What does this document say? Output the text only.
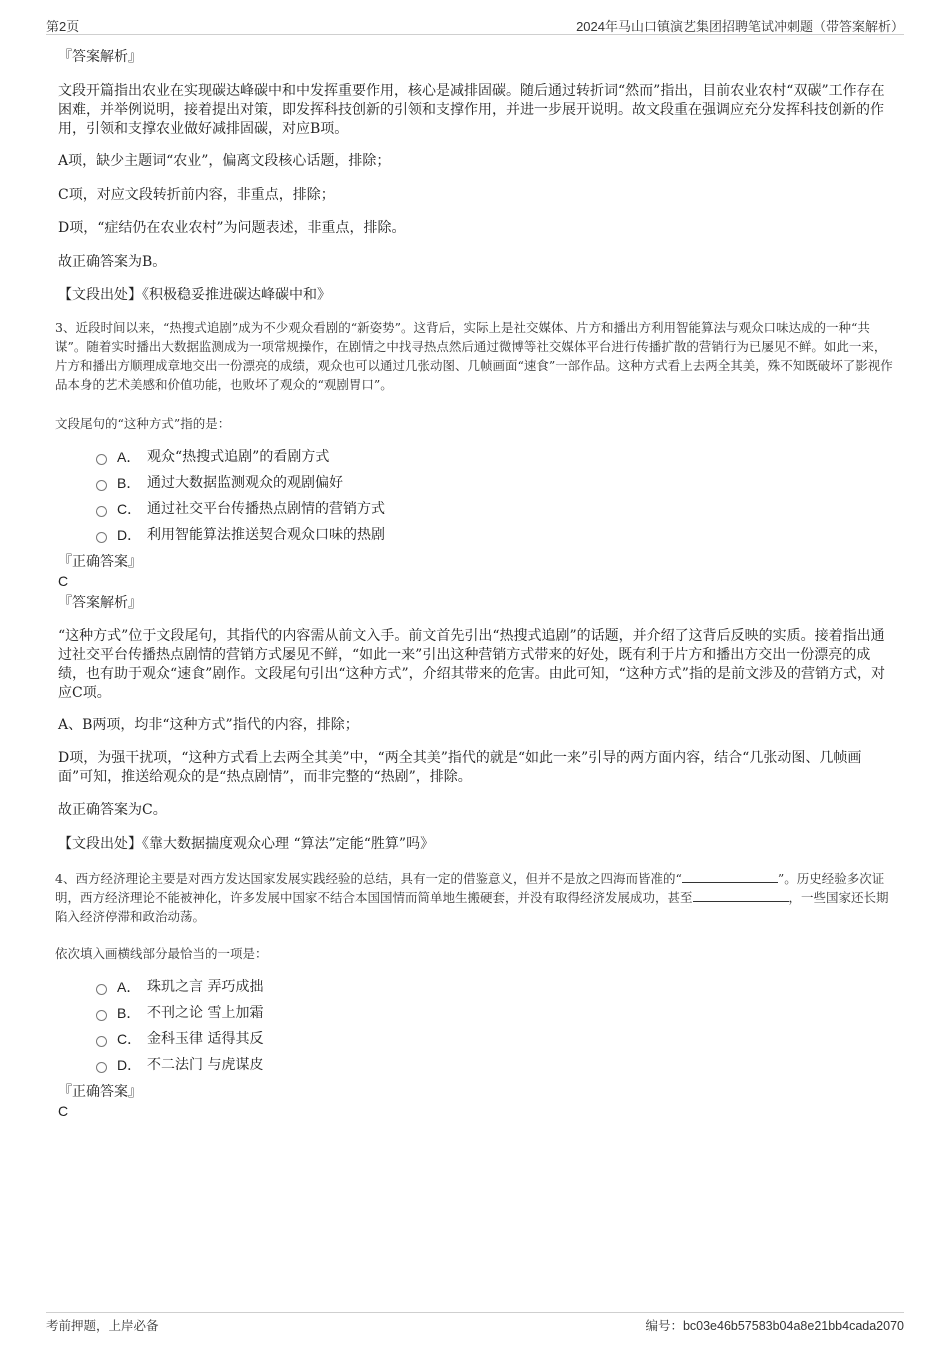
第2页	2024年马山口镇演艺集团招聘笔试冲刺题（带答案解析）
『答案解析』
文段开篇指出农业在实现碳达峰碳中和中发挥重要作用，核心是减排固碳。随后通过转折词“然而”指出，目前农业农村“双碳”工作存在困难，并举例说明，接着提出对策，即发挥科技创新的引领和支撑作用，并进一步展开说明。故文段重在强调应充分发挥科技创新的作用，引领和支撑农业做好减排固碳，对应B项。
A项，缺少主题词“农业”，偏离文段核心话题，排除；
C项，对应文段转折前内容，非重点，排除；
D项，“症结仍在农业农村”为问题表述，非重点，排除。
故正确答案为B。
【文段出处】《积极稳妥推进碳达峰碳中和》
3、近段时间以来，“热搜式追剧”成为不少观众看剧的“新姿势”。这背后，实际上是社交媒体、片方和播出方利用智能算法与观众口味达成的一种“共谋”。随着实时播出大数据监测成为一项常规操作，在剧情之中找寻热点然后通过微博等社交媒体平台进行传播扩散的营销行为已屡见不鲜。如此一来，片方和播出方顺理成章地交出一份漂亮的成绩，观众也可以通过几张动图、几帧画面“速食”一部作品。这种方式看上去两全其美，殊不知既破坏了影视作品本身的艺术美感和价值功能，也败坏了观众的“观剧胃口”。
文段尾句的“这种方式”指的是：
A． 观众“热搜式追剧”的看剧方式
B． 通过大数据监测观众的观剧偏好
C． 通过社交平台传播热点剧情的营销方式
D． 利用智能算法推送契合观众口味的热剧
『正确答案』
C
『答案解析』
“这种方式”位于文段尾句，其指代的内容需从前文入手。前文首先引出“热搜式追剧”的话题，并介绍了这背后反映的实质。接着指出通过社交平台传播热点剧情的营销方式屡见不鲜，“如此一来”引出这种营销方式带来的好处，既有利于片方和播出方交出一份漂亮的成绩，也有助于观众“速食”剧作。文段尾句引出“这种方式”，介绍其带来的危害。由此可知，“这种方式”指的是前文涉及的营销方式，对应C项。
A、B两项，均非“这种方式”指代的内容，排除；
D项，为强干扰项，“这种方式看上去两全其美”中，“两全其美”指代的就是“如此一来”引导的两方面内容，结合“几张动图、几帧画面”可知，推送给观众的是“热点剧情”，而非完整的“热剧”，排除。
故正确答案为C。
【文段出处】《靠大数据揣度观众心理 “算法”定能“胜算”吗》
4、西方经济理论主要是对西方发达国家发展实践经验的总结，具有一定的借鉴意义，但并不是放之四海而皆准的“	”。历史经验多次证明，西方经济理论不能被神化，许多发展中国家不结合本国国情而简单地生搬硬套，并没有取得经济发展成功，甚至	，一些国家还长期陷入经济停滞和政治动荡。
依次填入画横线部分最恰当的一项是：
A． 珠玑之言 弄巧成拙
B． 不刊之论 雪上加霜
C． 金科玉律 适得其反
D． 不二法门 与虎谋皮
『正确答案』
C
考前押题，上岸必备	编号：bc03e46b57583b04a8e21bb4cada2070
